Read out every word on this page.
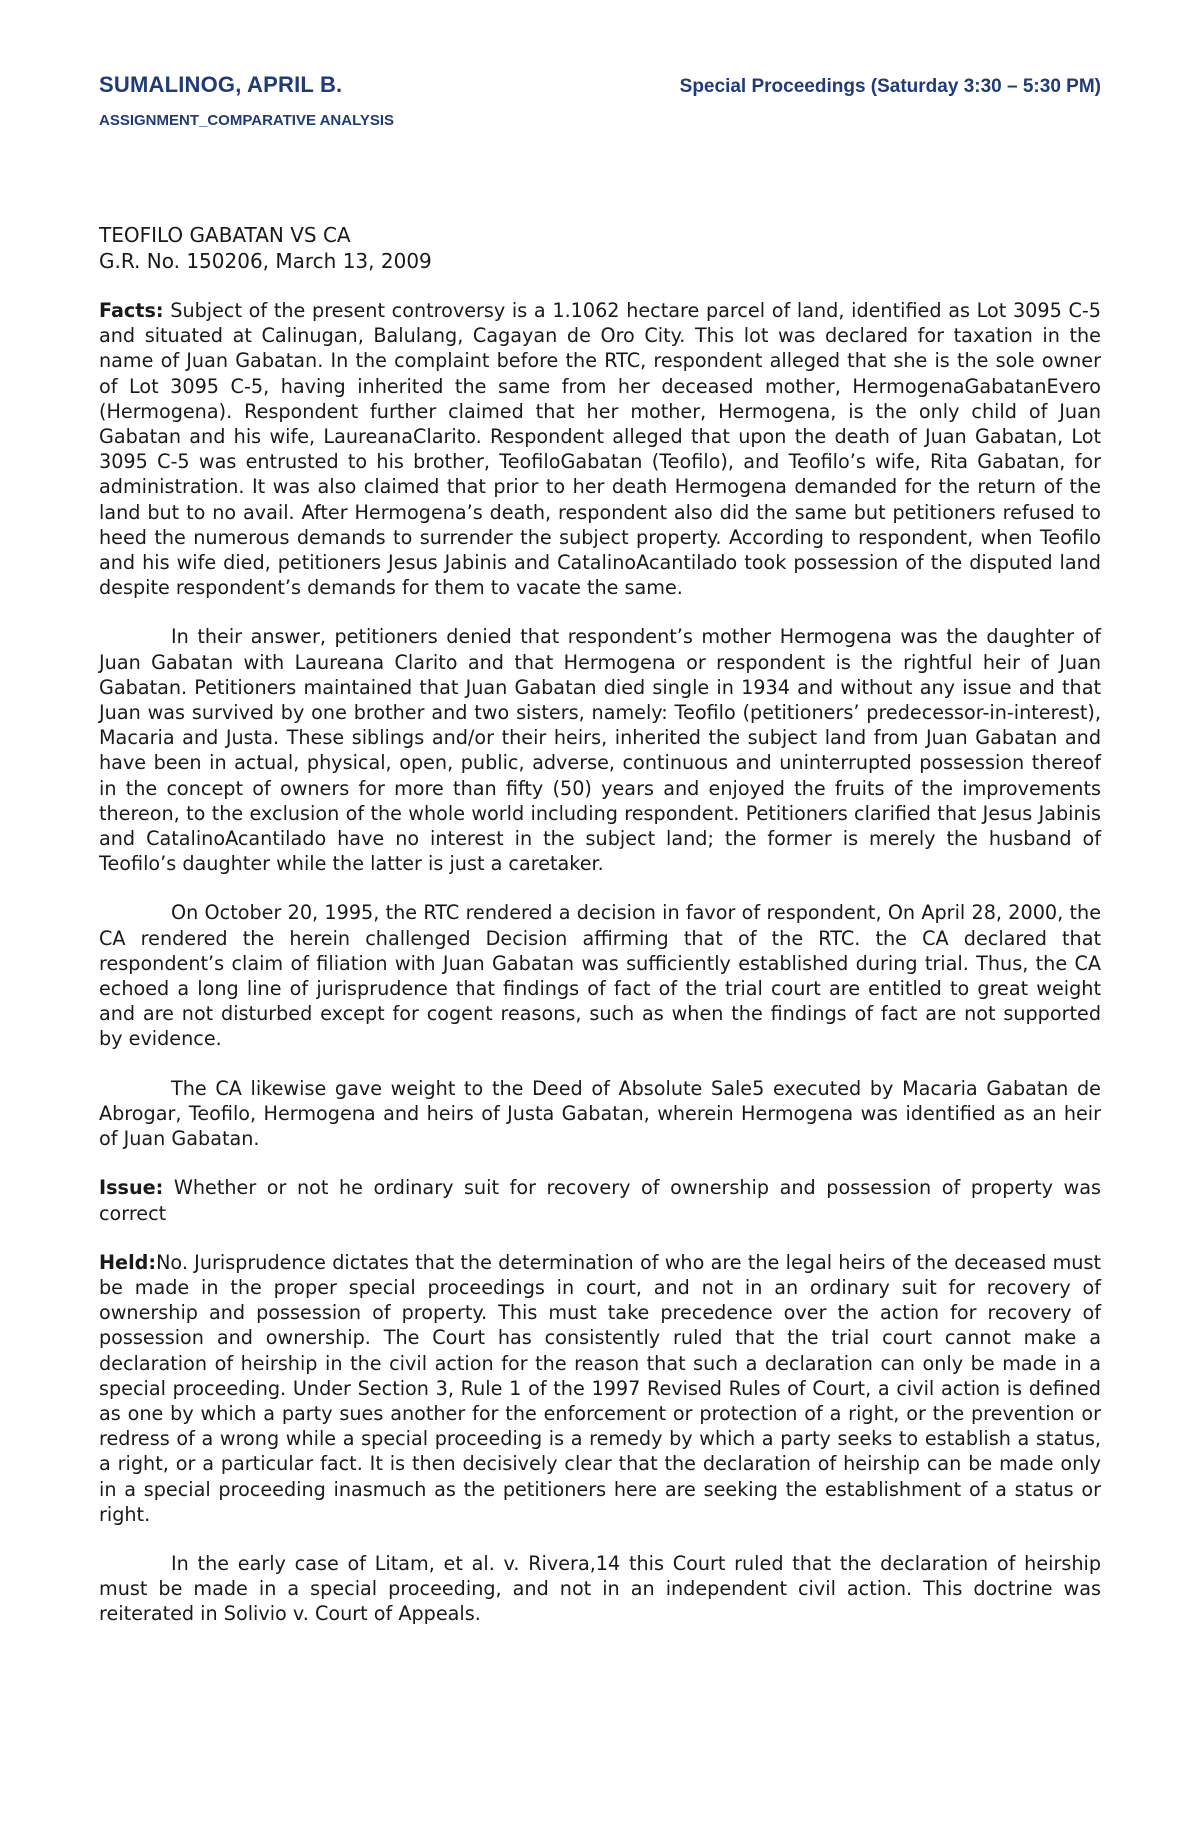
SUMALINOG, APRIL B.	Special Proceedings (Saturday 3:30 – 5:30 PM)
ASSIGNMENT_COMPARATIVE ANALYSIS
TEOFILO GABATAN VS CA
G.R. No. 150206, March 13, 2009

Facts: Subject of the present controversy is a 1.1062 hectare parcel of land, identified as Lot 3095 C-5 and situated at Calinugan, Balulang, Cagayan de Oro City. This lot was declared for taxation in the name of Juan Gabatan. In the complaint before the RTC, respondent alleged that she is the sole owner of Lot 3095 C-5, having inherited the same from her deceased mother, HermogenaGabatanEvero (Hermogena). Respondent further claimed that her mother, Hermogena, is the only child of Juan Gabatan and his wife, LaureanaClarito. Respondent alleged that upon the death of Juan Gabatan, Lot 3095 C-5 was entrusted to his brother, TeofiloGabatan (Teofilo), and Teofilo’s wife, Rita Gabatan, for administration. It was also claimed that prior to her death Hermogena demanded for the return of the land but to no avail. After Hermogena’s death, respondent also did the same but petitioners refused to heed the numerous demands to surrender the subject property. According to respondent, when Teofilo and his wife died, petitioners Jesus Jabinis and CatalinoAcantilado took possession of the disputed land despite respondent’s demands for them to vacate the same.

In their answer, petitioners denied that respondent’s mother Hermogena was the daughter of Juan Gabatan with Laureana Clarito and that Hermogena or respondent is the rightful heir of Juan Gabatan. Petitioners maintained that Juan Gabatan died single in 1934 and without any issue and that Juan was survived by one brother and two sisters, namely: Teofilo (petitioners’ predecessor-in-interest), Macaria and Justa. These siblings and/or their heirs, inherited the subject land from Juan Gabatan and have been in actual, physical, open, public, adverse, continuous and uninterrupted possession thereof in the concept of owners for more than fifty (50) years and enjoyed the fruits of the improvements thereon, to the exclusion of the whole world including respondent. Petitioners clarified that Jesus Jabinis and CatalinoAcantilado have no interest in the subject land; the former is merely the husband of Teofilo’s daughter while the latter is just a caretaker.

On October 20, 1995, the RTC rendered a decision in favor of respondent, On April 28, 2000, the CA rendered the herein challenged Decision affirming that of the RTC. the CA declared that respondent’s claim of filiation with Juan Gabatan was sufficiently established during trial. Thus, the CA echoed a long line of jurisprudence that findings of fact of the trial court are entitled to great weight and are not disturbed except for cogent reasons, such as when the findings of fact are not supported by evidence.

The CA likewise gave weight to the Deed of Absolute Sale5 executed by Macaria Gabatan de Abrogar, Teofilo, Hermogena and heirs of Justa Gabatan, wherein Hermogena was identified as an heir of Juan Gabatan.

Issue: Whether or not he ordinary suit for recovery of ownership and possession of property was correct

Held:No. Jurisprudence dictates that the determination of who are the legal heirs of the deceased must be made in the proper special proceedings in court, and not in an ordinary suit for recovery of ownership and possession of property. This must take precedence over the action for recovery of possession and ownership. The Court has consistently ruled that the trial court cannot make a declaration of heirship in the civil action for the reason that such a declaration can only be made in a special proceeding. Under Section 3, Rule 1 of the 1997 Revised Rules of Court, a civil action is defined as one by which a party sues another for the enforcement or protection of a right, or the prevention or redress of a wrong while a special proceeding is a remedy by which a party seeks to establish a status, a right, or a particular fact. It is then decisively clear that the declaration of heirship can be made only in a special proceeding inasmuch as the petitioners here are seeking the establishment of a status or right.

In the early case of Litam, et al. v. Rivera,14 this Court ruled that the declaration of heirship must be made in a special proceeding, and not in an independent civil action. This doctrine was reiterated in Solivio v. Court of Appeals.
